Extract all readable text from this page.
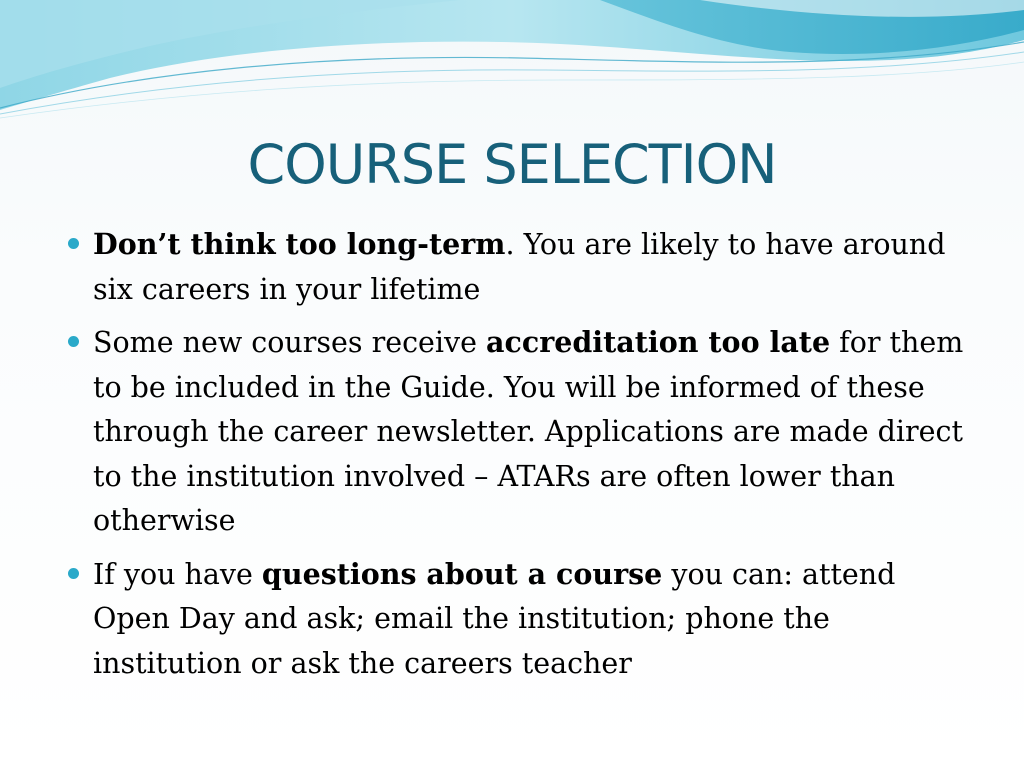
COURSE SELECTION
Don’t think too long-term. You are likely to have around six careers in your lifetime
Some new courses receive accreditation too late for them to be included in the Guide. You will be informed of these through the career newsletter. Applications are made direct to the institution involved – ATARs are often lower than otherwise
If you have questions about a course you can: attend Open Day and ask; email the institution; phone the institution or ask the careers teacher
